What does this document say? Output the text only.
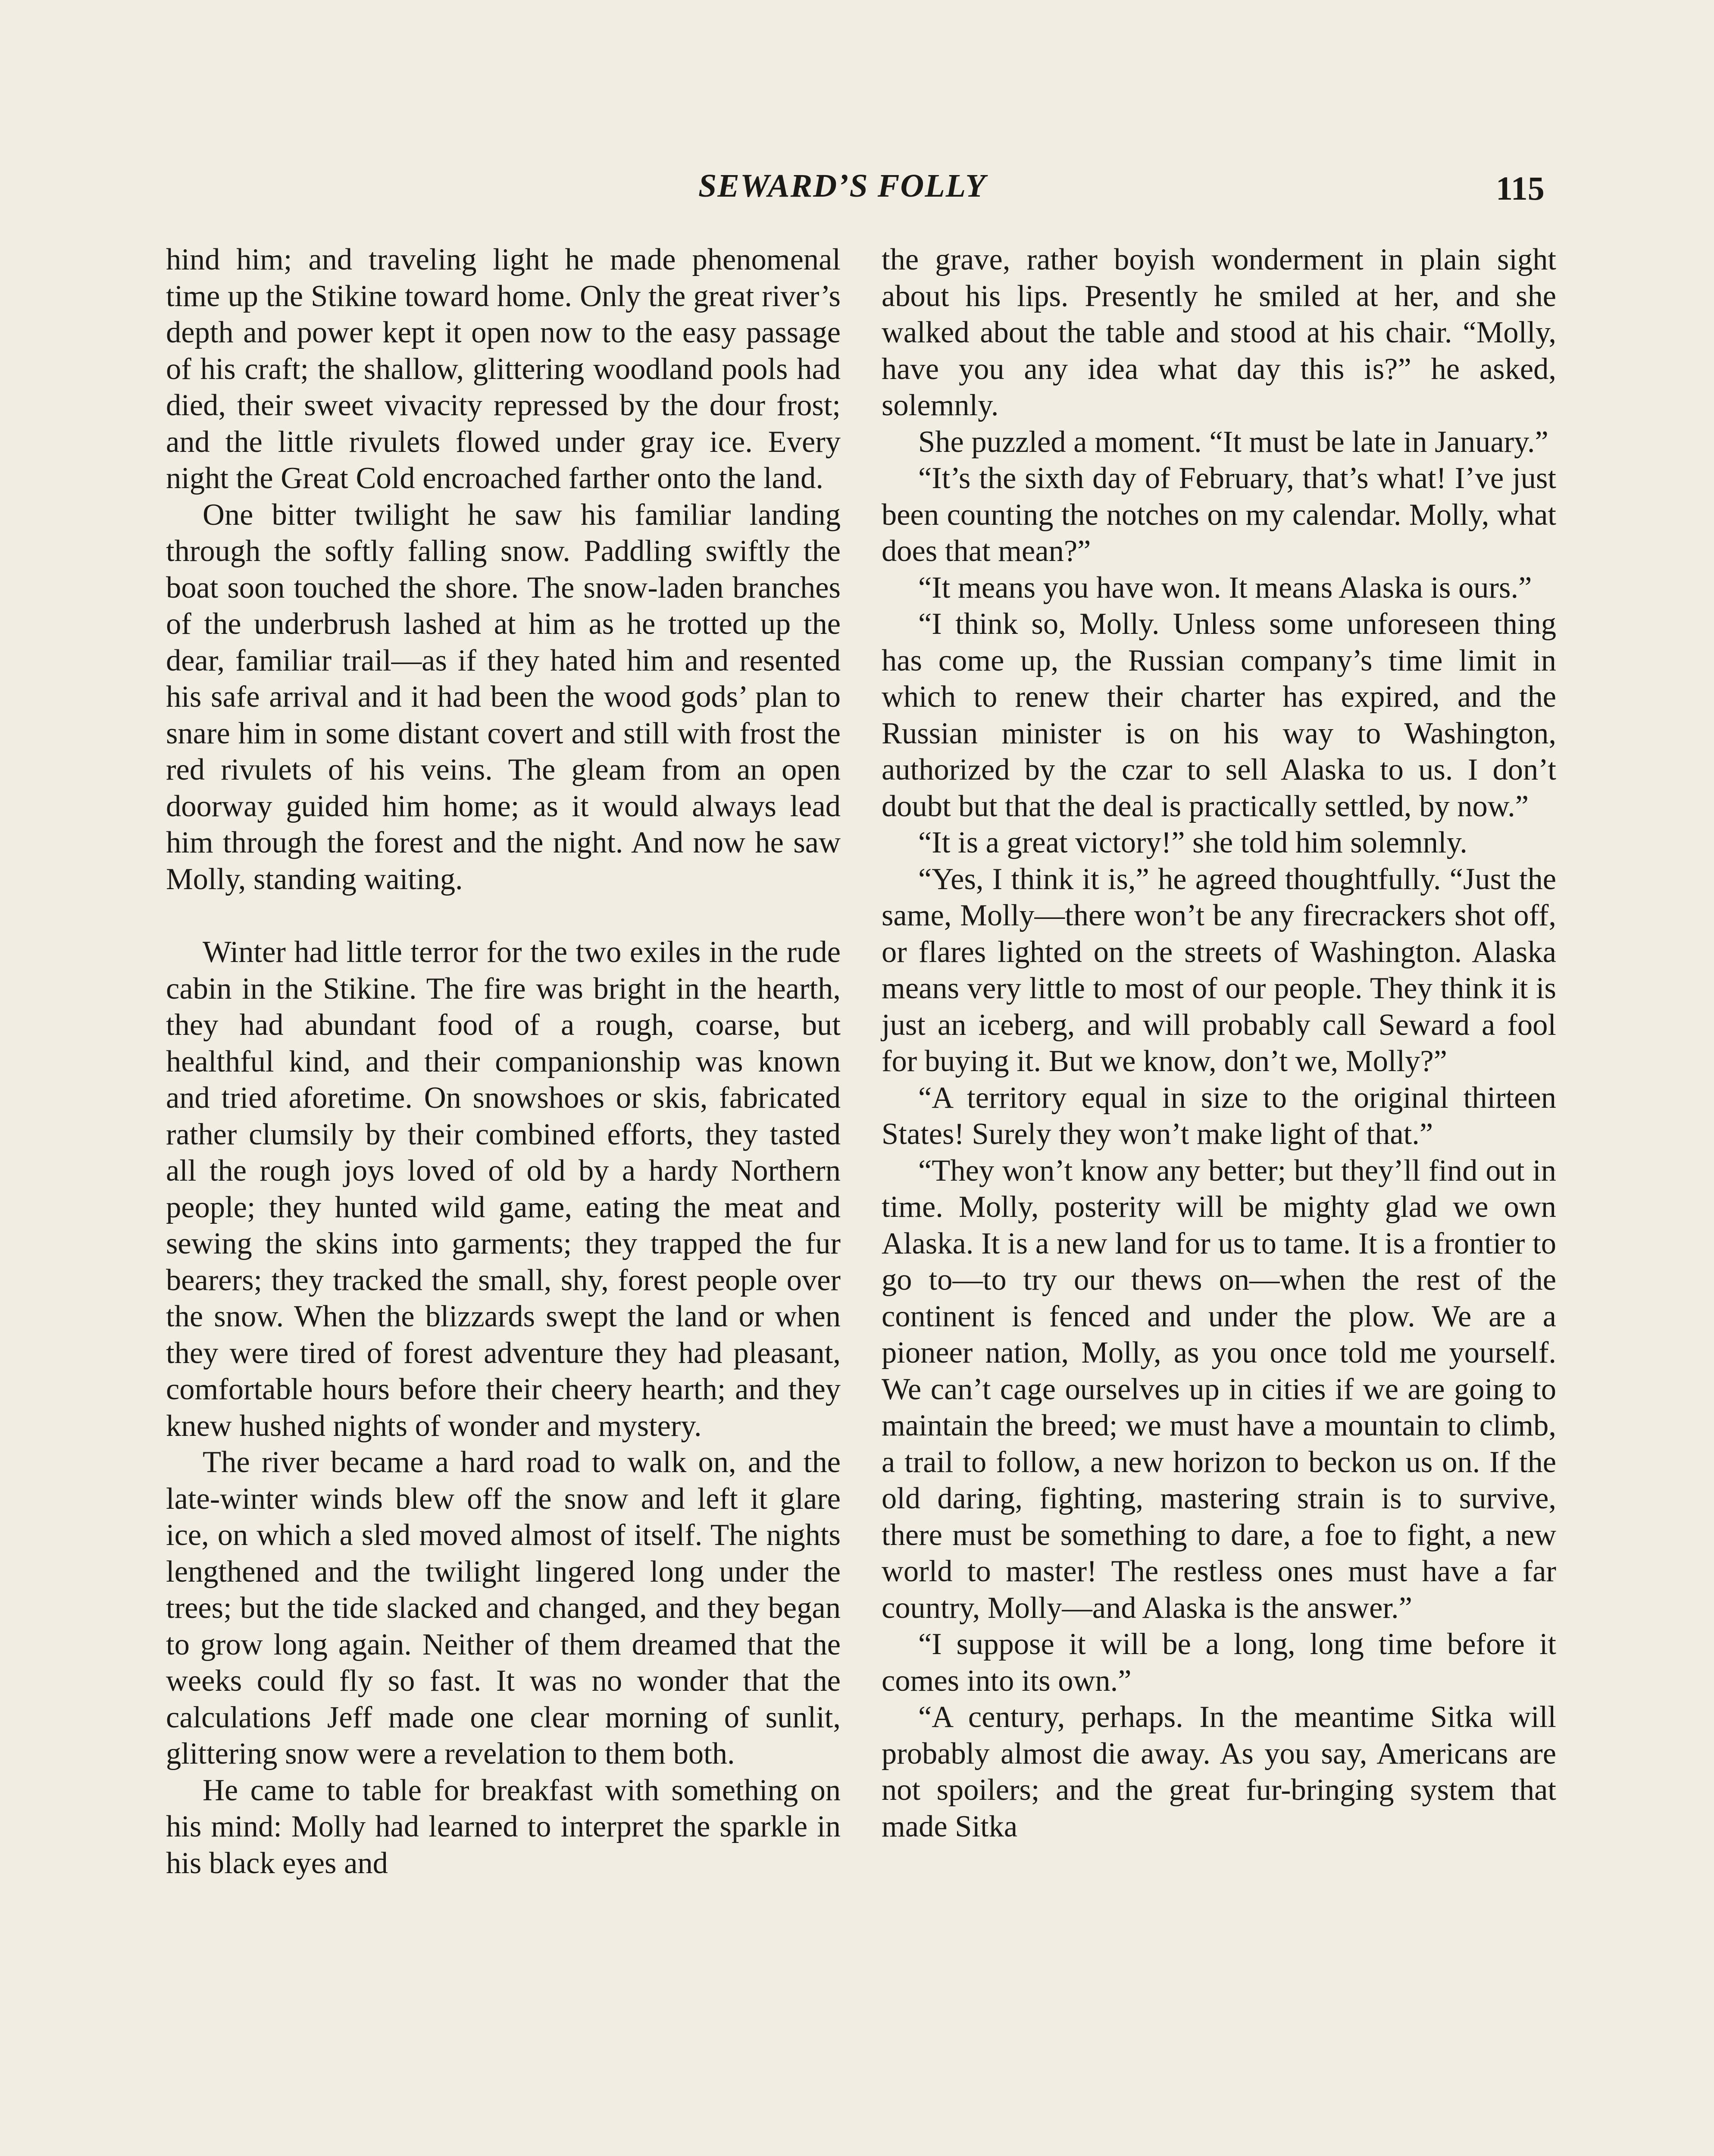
SEWARD’S FOLLY	115

hind him; and traveling light he made phenomenal time up the Stikine toward home. Only the great river’s depth and power kept it open now to the easy passage of his craft; the shallow, glittering woodland pools had died, their sweet vivacity repressed by the dour frost; and the little rivulets flowed under gray ice. Every night the Great Cold encroached farther onto the land.

One bitter twilight he saw his familiar landing through the softly falling snow. Paddling swiftly the boat soon touched the shore. The snow-laden branches of the underbrush lashed at him as he trotted up the dear, familiar trail—as if they hated him and resented his safe arrival and it had been the wood gods’ plan to snare him in some distant covert and still with frost the red rivulets of his veins. The gleam from an open doorway guided him home; as it would always lead him through the forest and the night. And now he saw Molly, standing waiting.

Winter had little terror for the two exiles in the rude cabin in the Stikine. The fire was bright in the hearth, they had abundant food of a rough, coarse, but healthful kind, and their companionship was known and tried aforetime. On snowshoes or skis, fabricated rather clumsily by their combined efforts, they tasted all the rough joys loved of old by a hardy Northern people; they hunted wild game, eating the meat and sewing the skins into garments; they trapped the fur bearers; they tracked the small, shy, forest people over the snow. When the blizzards swept the land or when they were tired of forest adventure they had pleasant, comfortable hours before their cheery hearth; and they knew hushed nights of wonder and mystery.

The river became a hard road to walk on, and the late-winter winds blew off the snow and left it glare ice, on which a sled moved almost of itself. The nights lengthened and the twilight lingered long under the trees; but the tide slacked and changed, and they began to grow long again. Neither of them dreamed that the weeks could fly so fast. It was no wonder that the calculations Jeff made one clear morning of sunlit, glittering snow were a revelation to them both.

He came to table for breakfast with something on his mind: Molly had learned to interpret the sparkle in his black eyes and

the grave, rather boyish wonderment in plain sight about his lips. Presently he smiled at her, and she walked about the table and stood at his chair. “Molly, have you any idea what day this is?” he asked, solemnly.

She puzzled a moment. “It must be late in January.”

“It’s the sixth day of February, that’s what! I’ve just been counting the notches on my calendar. Molly, what does that mean?”

“It means you have won. It means Alaska is ours.”

“I think so, Molly. Unless some unforeseen thing has come up, the Russian company’s time limit in which to renew their charter has expired, and the Russian minister is on his way to Washington, authorized by the czar to sell Alaska to us. I don’t doubt but that the deal is practically settled, by now.”

“It is a great victory!” she told him solemnly.

“Yes, I think it is,” he agreed thoughtfully. “Just the same, Molly—there won’t be any firecrackers shot off, or flares lighted on the streets of Washington. Alaska means very little to most of our people. They think it is just an iceberg, and will probably call Seward a fool for buying it. But we know, don’t we, Molly?”

“A territory equal in size to the original thirteen States! Surely they won’t make light of that.”

“They won’t know any better; but they’ll find out in time. Molly, posterity will be mighty glad we own Alaska. It is a new land for us to tame. It is a frontier to go to—to try our thews on—when the rest of the continent is fenced and under the plow. We are a pioneer nation, Molly, as you once told me yourself. We can’t cage ourselves up in cities if we are going to maintain the breed; we must have a mountain to climb, a trail to follow, a new horizon to beckon us on. If the old daring, fighting, mastering strain is to survive, there must be something to dare, a foe to fight, a new world to master! The restless ones must have a far country, Molly—and Alaska is the answer.”

“I suppose it will be a long, long time before it comes into its own.”

“A century, perhaps. In the meantime Sitka will probably almost die away. As you say, Americans are not spoilers; and the great fur-bringing system that made Sitka
